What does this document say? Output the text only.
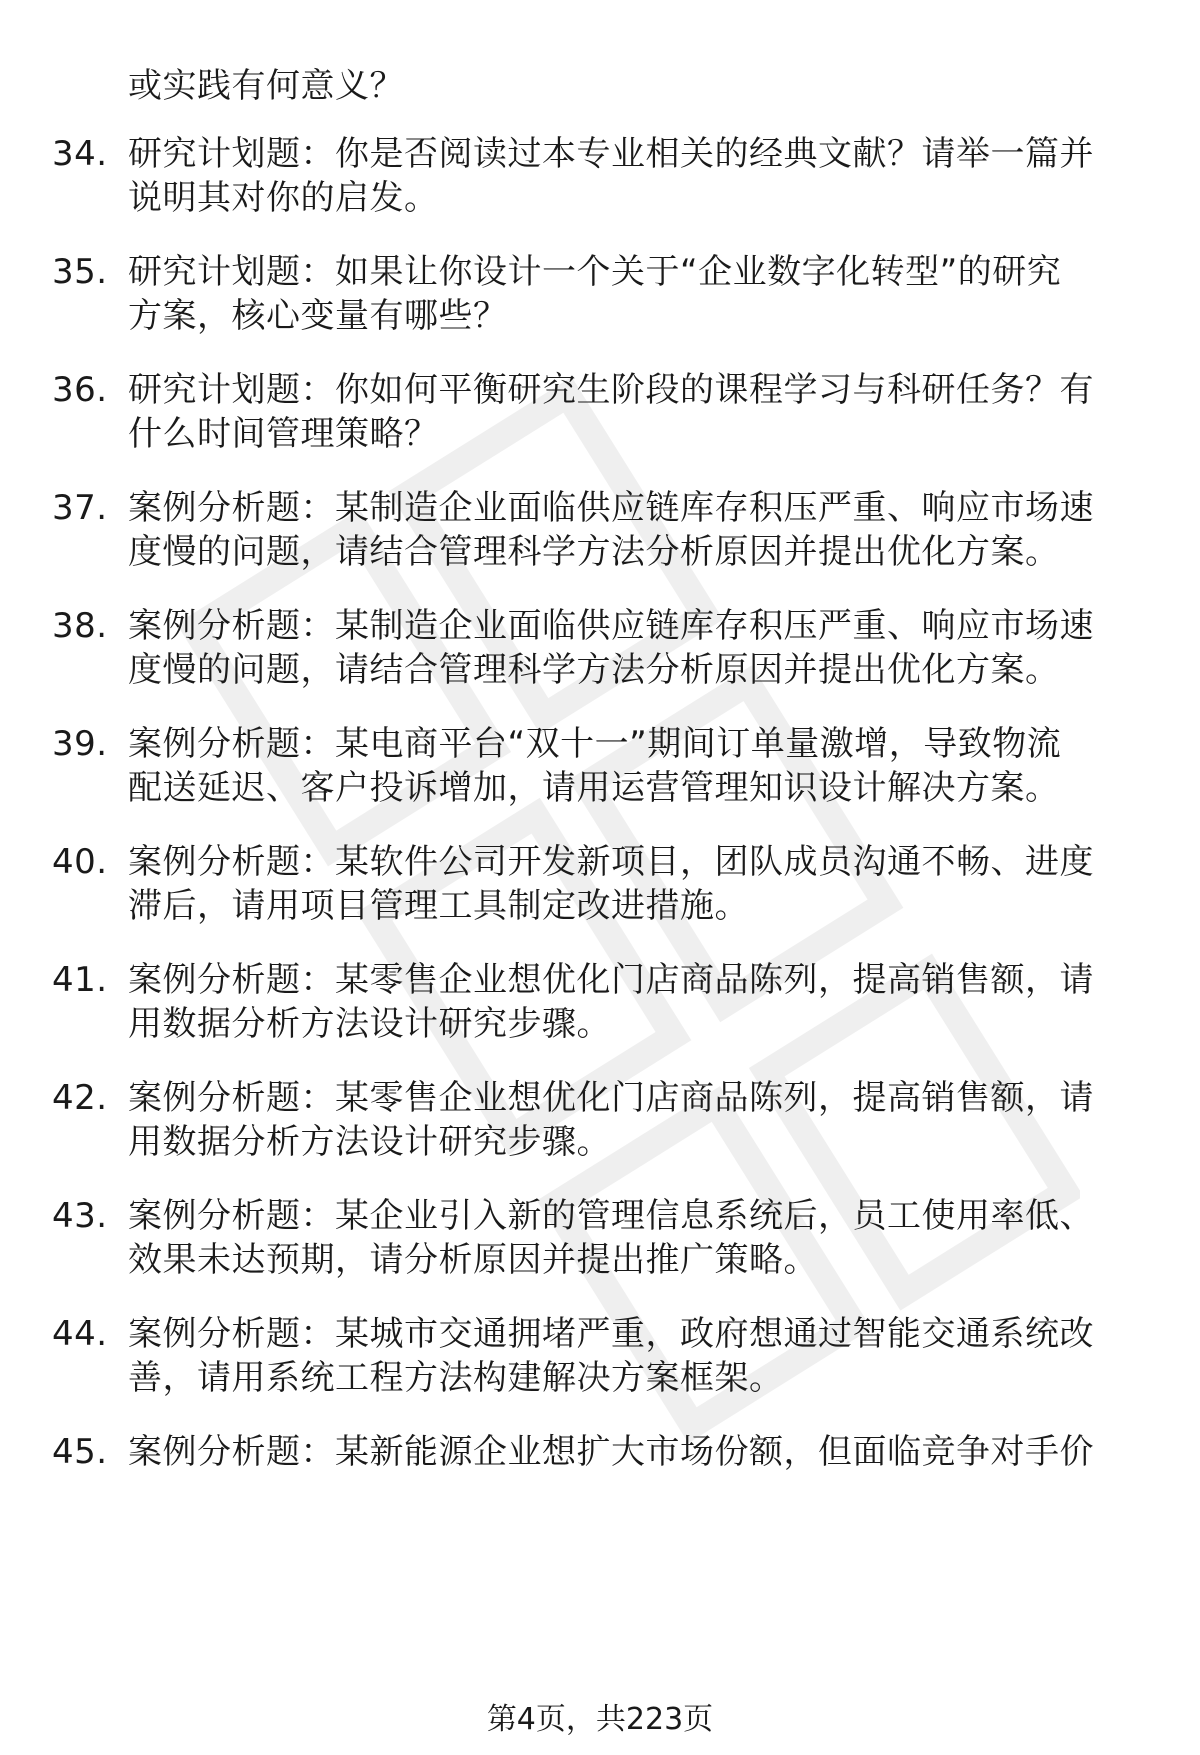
或实践有何意义？
34. 研究计划题：你是否阅读过本专业相关的经典文献？请举一篇并
说明其对你的启发。
35. 研究计划题：如果让你设计一个关于“企业数字化转型”的研究
方案，核心变量有哪些？
36. 研究计划题：你如何平衡研究生阶段的课程学习与科研任务？有
什么时间管理策略？
37. 案例分析题：某制造企业面临供应链库存积压严重、响应市场速
度慢的问题，请结合管理科学方法分析原因并提出优化方案。
38. 案例分析题：某制造企业面临供应链库存积压严重、响应市场速
度慢的问题，请结合管理科学方法分析原因并提出优化方案。
39. 案例分析题：某电商平台“双十一”期间订单量激增，导致物流
配送延迟、客户投诉增加，请用运营管理知识设计解决方案。
40. 案例分析题：某软件公司开发新项目，团队成员沟通不畅、进度
滞后，请用项目管理工具制定改进措施。
41. 案例分析题：某零售企业想优化门店商品陈列，提高销售额，请
用数据分析方法设计研究步骤。
42. 案例分析题：某零售企业想优化门店商品陈列，提高销售额，请
用数据分析方法设计研究步骤。
43. 案例分析题：某企业引入新的管理信息系统后，员工使用率低、
效果未达预期，请分析原因并提出推广策略。
44. 案例分析题：某城市交通拥堵严重，政府想通过智能交通系统改
善，请用系统工程方法构建解决方案框架。
45. 案例分析题：某新能源企业想扩大市场份额，但面临竞争对手价
第4页，共223页
